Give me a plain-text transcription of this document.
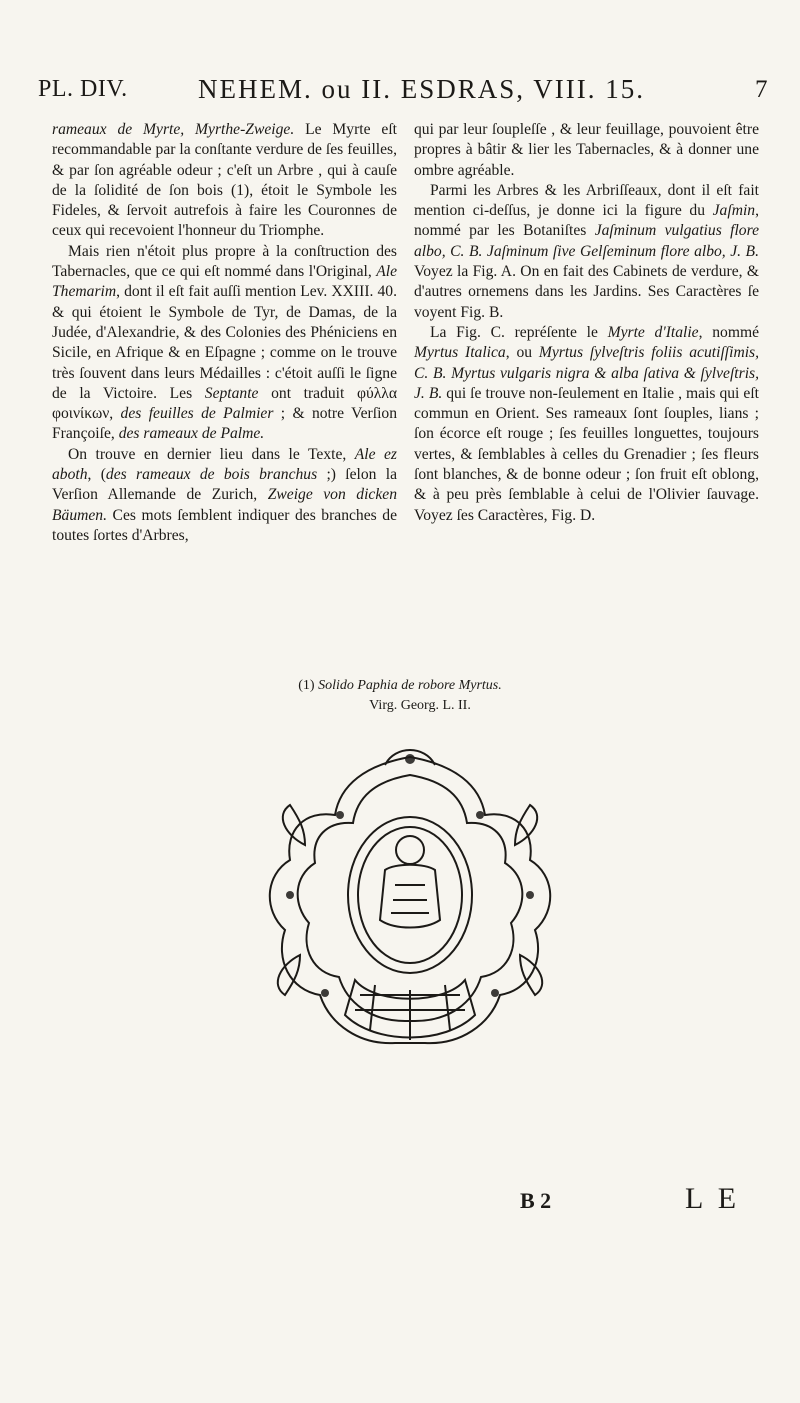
PL. DIV.	NEHEM. ou II. ESDRAS, VIII. 15.	7

rameaux de Myrte, Myrthe-Zweige. Le Myrte eſt recommandable par la conſtante verdure de ſes feuilles, & par ſon agréable odeur ; c'eſt un Arbre , qui à cauſe de la ſolidité de ſon bois (1), étoit le Symbole les Fideles, & ſervoit autrefois à faire les Couronnes de ceux qui recevoient l'honneur du Triomphe.

Mais rien n'étoit plus propre à la conſtruction des Tabernacles, que ce qui eſt nommé dans l'Original, Ale Themarim, dont il eſt fait auſſi mention Lev. XXIII. 40. & qui étoient le Symbole de Tyr, de Damas, de la Judée, d'Alexandrie, & des Colonies des Phéniciens en Sicile, en Afrique & en Eſpagne ; comme on le trouve très ſouvent dans leurs Médailles : c'étoit auſſi le ſigne de la Victoire. Les Septante ont traduit φύλλα φοινίκων, des feuilles de Palmier ; & notre Verſion Françoiſe, des rameaux de Palme.

On trouve en dernier lieu dans le Texte, Ale ez aboth, (des rameaux de bois branchus ;) ſelon la Verſion Allemande de Zurich, Zweige von dicken Bäumen. Ces mots ſemblent indiquer des branches de toutes ſortes d'Arbres,

qui par leur ſoupleſſe , & leur feuillage, pouvoient être propres à bâtir & lier les Tabernacles, & à donner une ombre agréable.

Parmi les Arbres & les Arbriſſeaux, dont il eſt fait mention ci-deſſus, je donne ici la figure du Jaſmin, nommé par les Botaniſtes Jaſminum vulgatius flore albo, C. B. Jaſminum ſive Gelſeminum flore albo, J. B. Voyez la Fig. A. On en fait des Cabinets de verdure, & d'autres ornemens dans les Jardins. Ses Caractères ſe voyent Fig. B.

La Fig. C. repréſente le Myrte d'Italie, nommé Myrtus Italica, ou Myrtus ſylveſtris foliis acutiſſimis, C. B. Myrtus vulgaris nigra & alba ſativa & ſylveſtris, J. B. qui ſe trouve non-ſeulement en Italie , mais qui eſt commun en Orient. Ses rameaux ſont ſouples, lians ; ſon écorce eſt rouge ; ſes feuilles longuettes, toujours vertes, & ſemblables à celles du Grenadier ; ſes fleurs ſont blanches, & de bonne odeur ; ſon fruit eſt oblong, & à peu près ſemblable à celui de l'Olivier ſauvage. Voyez ſes Caractères, Fig. D.

(1) Solido Paphia de robore Myrtus.
Virg. Georg. L. II.
B 2	L E
